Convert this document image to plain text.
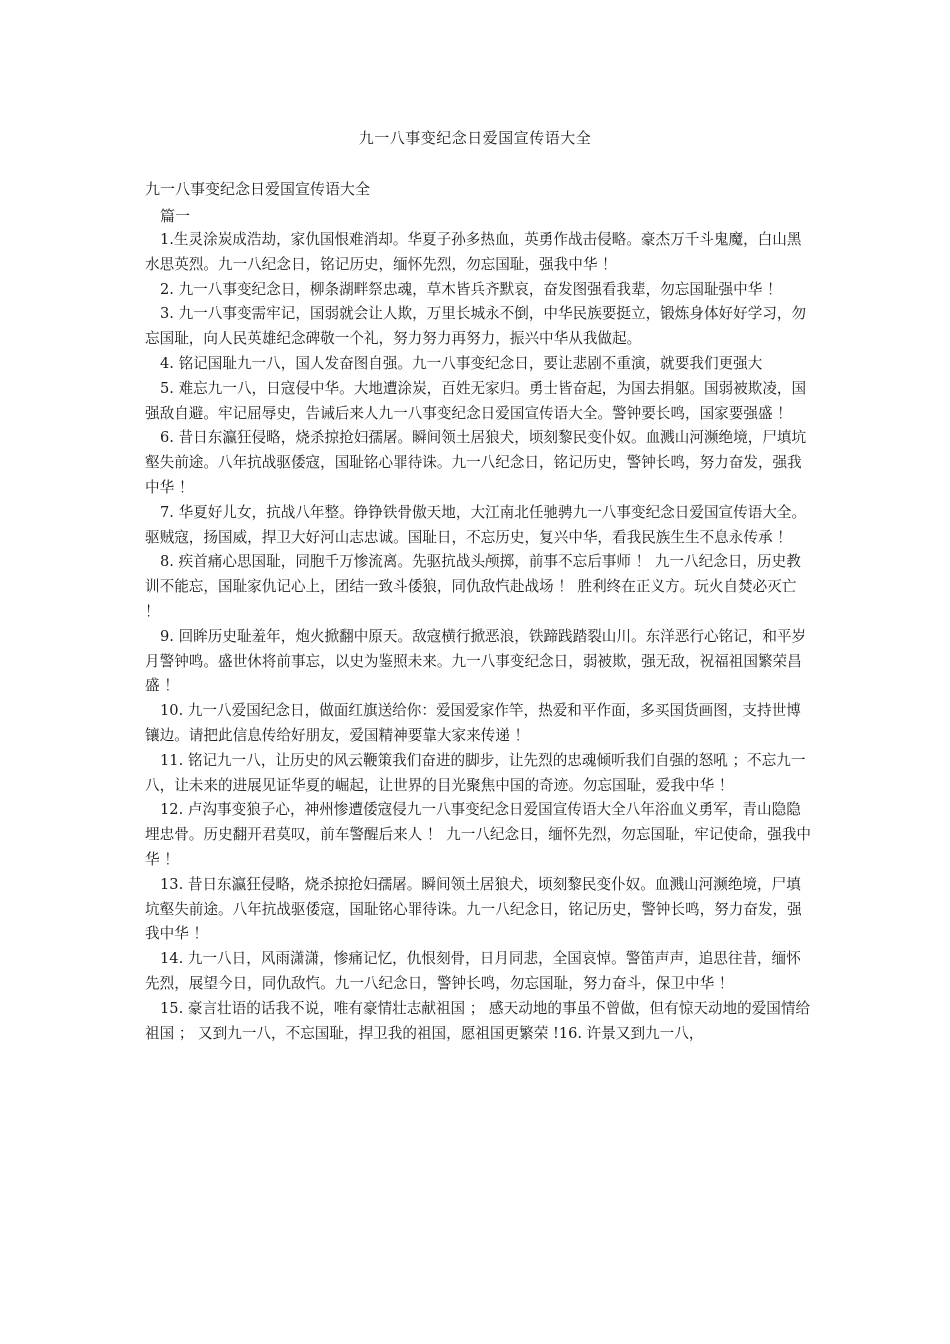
九一八事变纪念日爱国宣传语大全
九一八事变纪念日爱国宣传语大全
篇一

1.生灵涂炭成浩劫，家仇国恨难消却。华夏子孙多热血，英勇作战击侵略。豪杰万千斗鬼魔，白山黑水思英烈。九一八纪念日，铭记历史，缅怀先烈，勿忘国耻，强我中华 ！

2. 九一八事变纪念日，柳条湖畔祭忠魂，草木皆兵齐默哀，奋发图强看我辈，勿忘国耻强中华 ！

3. 九一八事变需牢记，国弱就会让人欺，万里长城永不倒，中华民族要挺立，锻炼身体好好学习，勿忘国耻，向人民英雄纪念碑敬一个礼，努力努力再努力，振兴中华从我做起。

4. 铭记国耻九一八，国人发奋图自强。九一八事变纪念日，要让悲剧不重演，就要我们更强大

5. 难忘九一八，日寇侵中华。大地遭涂炭，百姓无家归。勇士皆奋起，为国去捐躯。国弱被欺凌，国强敌自避。牢记屈辱史，告诫后来人九一八事变纪念日爱国宣传语大全。警钟要长鸣，国家要强盛 ！

6. 昔日东瀛狂侵略，烧杀掠抢妇孺屠。瞬间领土居狼犬，顷刻黎民变仆奴。血溅山河濒绝境，尸填坑壑失前途。八年抗战驱倭寇，国耻铭心罪待诛。九一八纪念日，铭记历史，警钟长鸣，努力奋发，强我中华 ！

7. 华夏好儿女，抗战八年整。铮铮铁骨傲天地，大江南北任驰骋九一八事变纪念日爱国宣传语大全。驱贼寇，扬国威，捍卫大好河山志忠诚。国耻日，不忘历史，复兴中华，看我民族生生不息永传承 ！

8. 疾首痛心思国耻，同胞千万惨流离。先驱抗战头颅掷，前事不忘后事师 ！ 九一八纪念日，历史教训不能忘，国耻家仇记心上，团结一致斗倭狼，同仇敌忾赴战场 ！ 胜利终在正义方。玩火自焚必灭亡 ！

9. 回眸历史耻羞年，炮火掀翻中原天。敌寇横行掀恶浪，铁蹄践踏裂山川。东洋恶行心铭记，和平岁月警钟鸣。盛世休将前事忘，以史为鉴照未来。九一八事变纪念日，弱被欺，强无敌，祝福祖国繁荣昌盛 ！

10. 九一八爱国纪念日，做面红旗送给你：爱国爱家作竿，热爱和平作面，多买国货画图，支持世博镶边。请把此信息传给好朋友，爱国精神要靠大家来传递 ！

11. 铭记九一八，让历史的风云鞭策我们奋进的脚步，让先烈的忠魂倾听我们自强的怒吼 ；不忘九一八，让未来的进展见证华夏的崛起，让世界的目光聚焦中国的奇迹。勿忘国耻，爱我中华 ！

12. 卢沟事变狼子心，神州惨遭倭寇侵九一八事变纪念日爱国宣传语大全八年浴血义勇军，青山隐隐埋忠骨。历史翻开君莫叹，前车警醒后来人 ！ 九一八纪念日，缅怀先烈，勿忘国耻，牢记使命，强我中华 ！

13. 昔日东瀛狂侵略，烧杀掠抢妇孺屠。瞬间领土居狼犬，顷刻黎民变仆奴。血溅山河濒绝境，尸填坑壑失前途。八年抗战驱倭寇，国耻铭心罪待诛。九一八纪念日，铭记历史，警钟长鸣，努力奋发，强我中华 ！

14. 九一八日，风雨潇潇，惨痛记忆，仇恨刻骨，日月同悲，全国哀悼。警笛声声，追思往昔，缅怀先烈，展望今日，同仇敌忾。九一八纪念日，警钟长鸣，勿忘国耻，努力奋斗，保卫中华 ！

15. 豪言壮语的话我不说，唯有豪情壮志献祖国 ； 感天动地的事虽不曾做，但有惊天动地的爱国情给祖国 ； 又到九一八，不忘国耻，捍卫我的祖国，愿祖国更繁荣 !16. 许景又到九一八，
